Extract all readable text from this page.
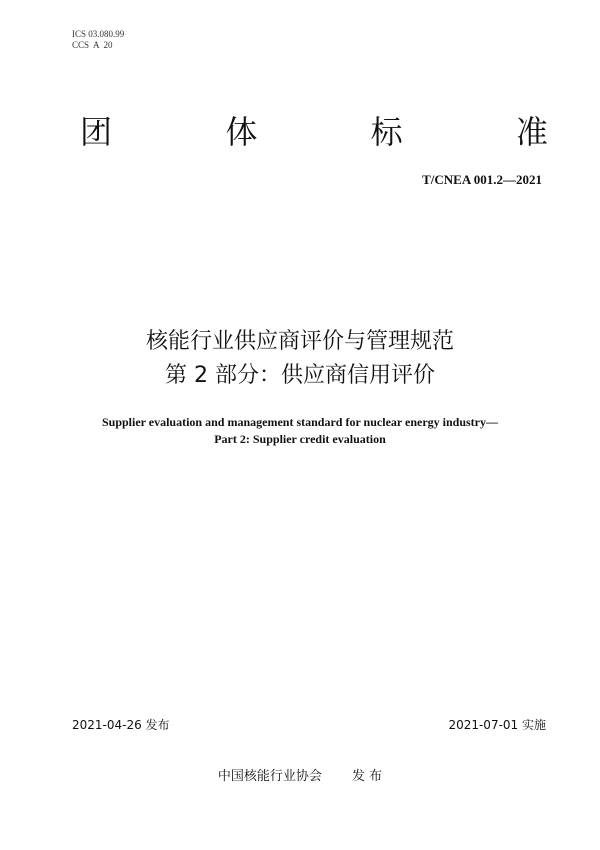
ICS 03.080.99
CCS  A  20
团	体	标	准
T/CNEA 001.2—2021
核能行业供应商评价与管理规范
第 2 部分：供应商信用评价
Supplier evaluation and management standard for nuclear energy industry—
Part 2: Supplier credit evaluation
2021-04-26 发布	2021-07-01 实施
中国核能行业协会 发 布
